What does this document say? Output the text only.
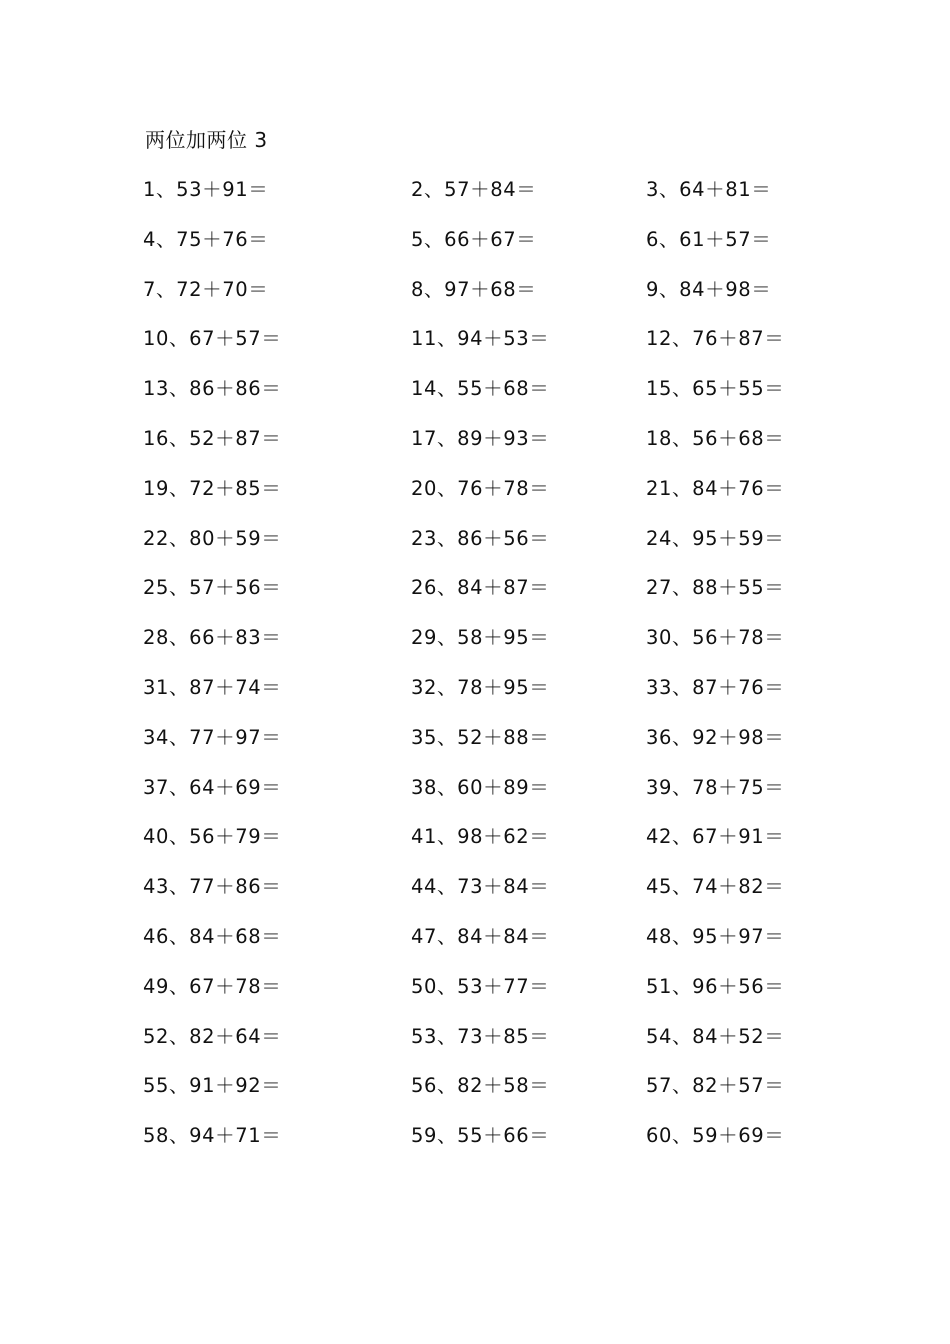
两位加两位 3
1、53＋91＝	2、57＋84＝	3、64＋81＝
4、75＋76＝	5、66＋67＝	6、61＋57＝
7、72＋70＝	8、97＋68＝	9、84＋98＝
10、67＋57＝	11、94＋53＝	12、76＋87＝
13、86＋86＝	14、55＋68＝	15、65＋55＝
16、52＋87＝	17、89＋93＝	18、56＋68＝
19、72＋85＝	20、76＋78＝	21、84＋76＝
22、80＋59＝	23、86＋56＝	24、95＋59＝
25、57＋56＝	26、84＋87＝	27、88＋55＝
28、66＋83＝	29、58＋95＝	30、56＋78＝
31、87＋74＝	32、78＋95＝	33、87＋76＝
34、77＋97＝	35、52＋88＝	36、92＋98＝
37、64＋69＝	38、60＋89＝	39、78＋75＝
40、56＋79＝	41、98＋62＝	42、67＋91＝
43、77＋86＝	44、73＋84＝	45、74＋82＝
46、84＋68＝	47、84＋84＝	48、95＋97＝
49、67＋78＝	50、53＋77＝	51、96＋56＝
52、82＋64＝	53、73＋85＝	54、84＋52＝
55、91＋92＝	56、82＋58＝	57、82＋57＝
58、94＋71＝	59、55＋66＝	60、59＋69＝
